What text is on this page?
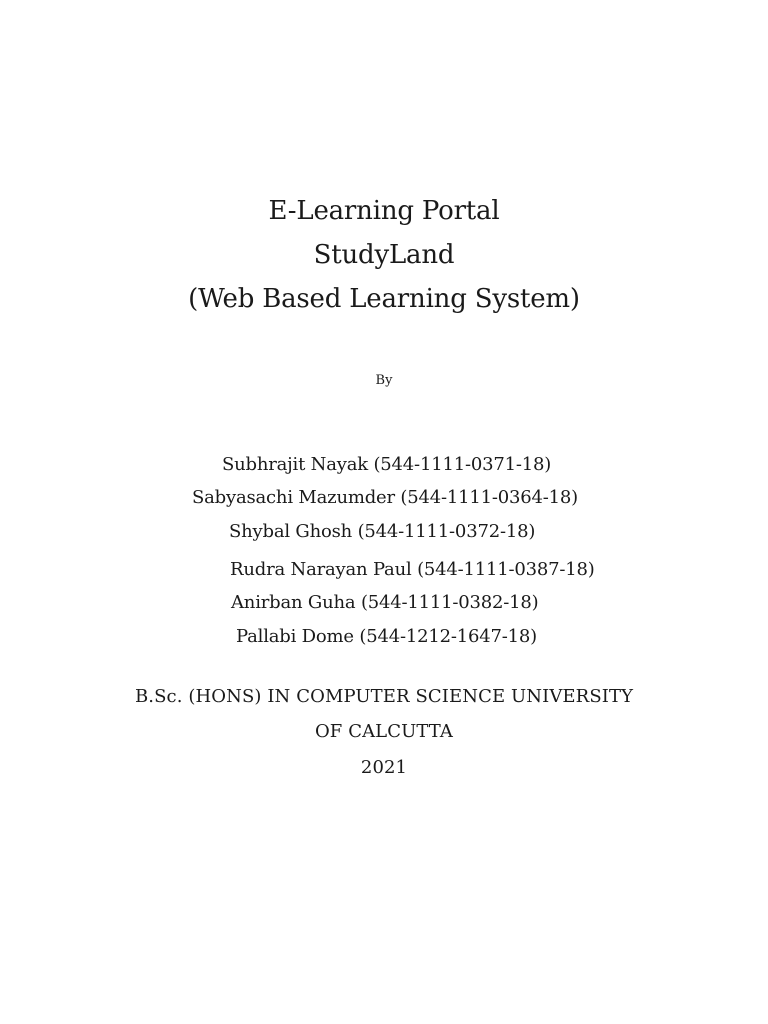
E-Learning Portal
StudyLand
(Web Based Learning System)
By
Subhrajit Nayak (544-1111-0371-18)
Sabyasachi Mazumder (544-1111-0364-18)
Shybal Ghosh (544-1111-0372-18)
Rudra Narayan Paul (544-1111-0387-18)
Anirban Guha (544-1111-0382-18)
Pallabi Dome (544-1212-1647-18)
B.Sc. (HONS) IN COMPUTER SCIENCE UNIVERSITY
OF CALCUTTA
2021
